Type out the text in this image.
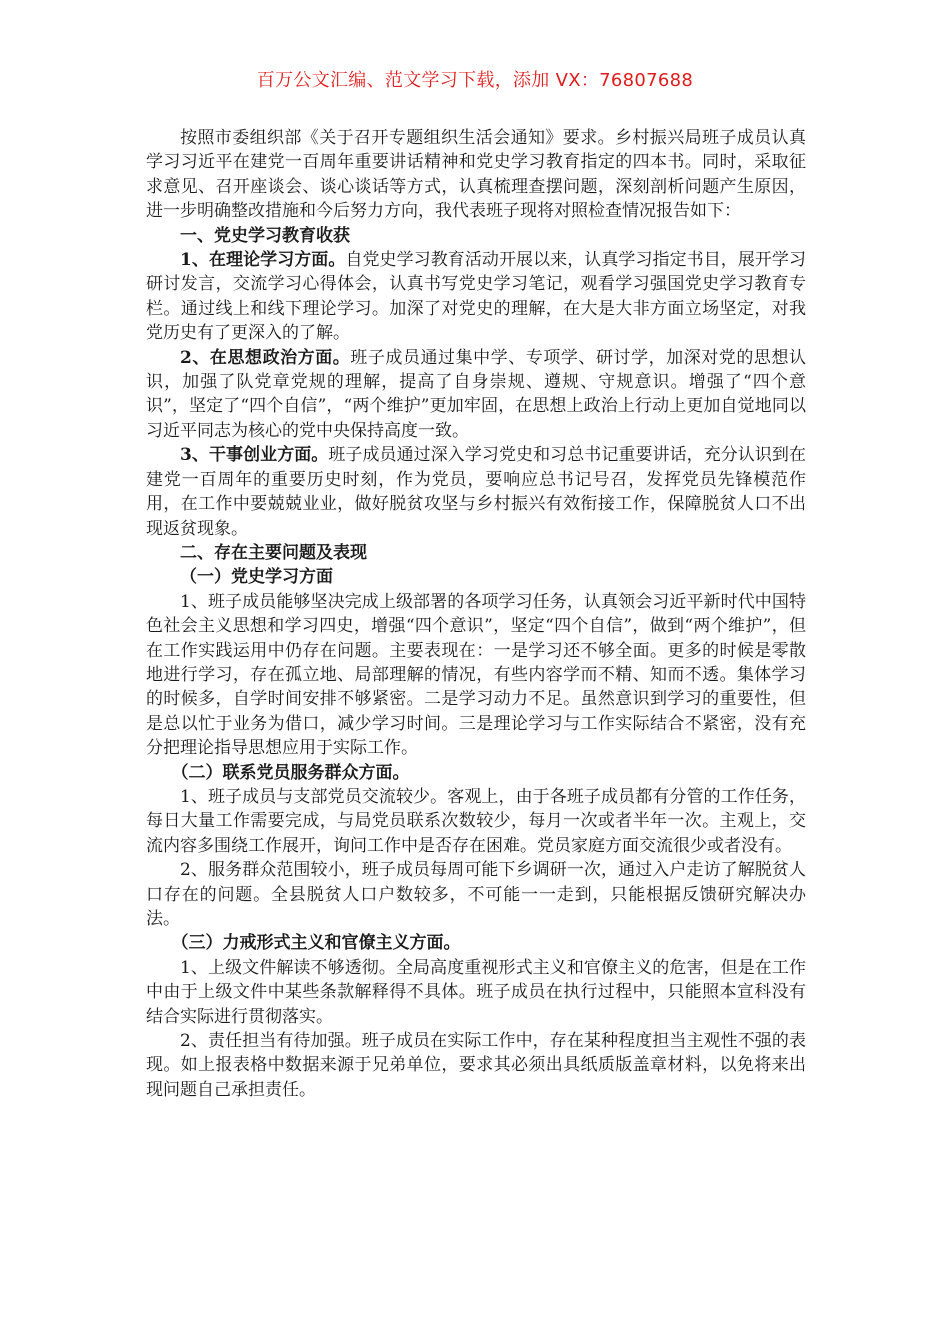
百万公文汇编、范文学习下载，添加 VX：76807688

按照市委组织部《关于召开专题组织生活会通知》要求。乡村振兴局班子成员认真学习习近平在建党一百周年重要讲话精神和党史学习教育指定的四本书。同时，采取征求意见、召开座谈会、谈心谈话等方式，认真梳理查摆问题，深刻剖析问题产生原因，进一步明确整改措施和今后努力方向，我代表班子现将对照检查情况报告如下：

一、党史学习教育收获

1、在理论学习方面。自党史学习教育活动开展以来，认真学习指定书目，展开学习研讨发言，交流学习心得体会，认真书写党史学习笔记，观看学习强国党史学习教育专栏。通过线上和线下理论学习。加深了对党史的理解，在大是大非方面立场坚定，对我党历史有了更深入的了解。

2、在思想政治方面。班子成员通过集中学、专项学、研讨学，加深对党的思想认识，加强了队党章党规的理解，提高了自身崇规、遵规、守规意识。增强了“四个意识”，坚定了“四个自信”，“两个维护”更加牢固，在思想上政治上行动上更加自觉地同以习近平同志为核心的党中央保持高度一致。

3、干事创业方面。班子成员通过深入学习党史和习总书记重要讲话，充分认识到在建党一百周年的重要历史时刻，作为党员，要响应总书记号召，发挥党员先锋模范作用，在工作中要兢兢业业，做好脱贫攻坚与乡村振兴有效衔接工作，保障脱贫人口不出现返贫现象。

二、存在主要问题及表现

（一）党史学习方面

1、班子成员能够坚决完成上级部署的各项学习任务，认真领会习近平新时代中国特色社会主义思想和学习四史，增强“四个意识”，坚定“四个自信”，做到“两个维护”，但在工作实践运用中仍存在问题。主要表现在：一是学习还不够全面。更多的时候是零散地进行学习，存在孤立地、局部理解的情况，有些内容学而不精、知而不透。集体学习的时候多，自学时间安排不够紧密。二是学习动力不足。虽然意识到学习的重要性，但是总以忙于业务为借口，减少学习时间。三是理论学习与工作实际结合不紧密，没有充分把理论指导思想应用于实际工作。

（二）联系党员服务群众方面。

1、班子成员与支部党员交流较少。客观上，由于各班子成员都有分管的工作任务，每日大量工作需要完成，与局党员联系次数较少，每月一次或者半年一次。主观上，交流内容多围绕工作展开，询问工作中是否存在困难。党员家庭方面交流很少或者没有。

2、服务群众范围较小，班子成员每周可能下乡调研一次，通过入户走访了解脱贫人口存在的问题。全县脱贫人口户数较多，不可能一一走到，只能根据反馈研究解决办法。

（三）力戒形式主义和官僚主义方面。

1、上级文件解读不够透彻。全局高度重视形式主义和官僚主义的危害，但是在工作中由于上级文件中某些条款解释得不具体。班子成员在执行过程中，只能照本宣科没有结合实际进行贯彻落实。

2、责任担当有待加强。班子成员在实际工作中，存在某种程度担当主观性不强的表现。如上报表格中数据来源于兄弟单位，要求其必须出具纸质版盖章材料，以免将来出现问题自己承担责任。
